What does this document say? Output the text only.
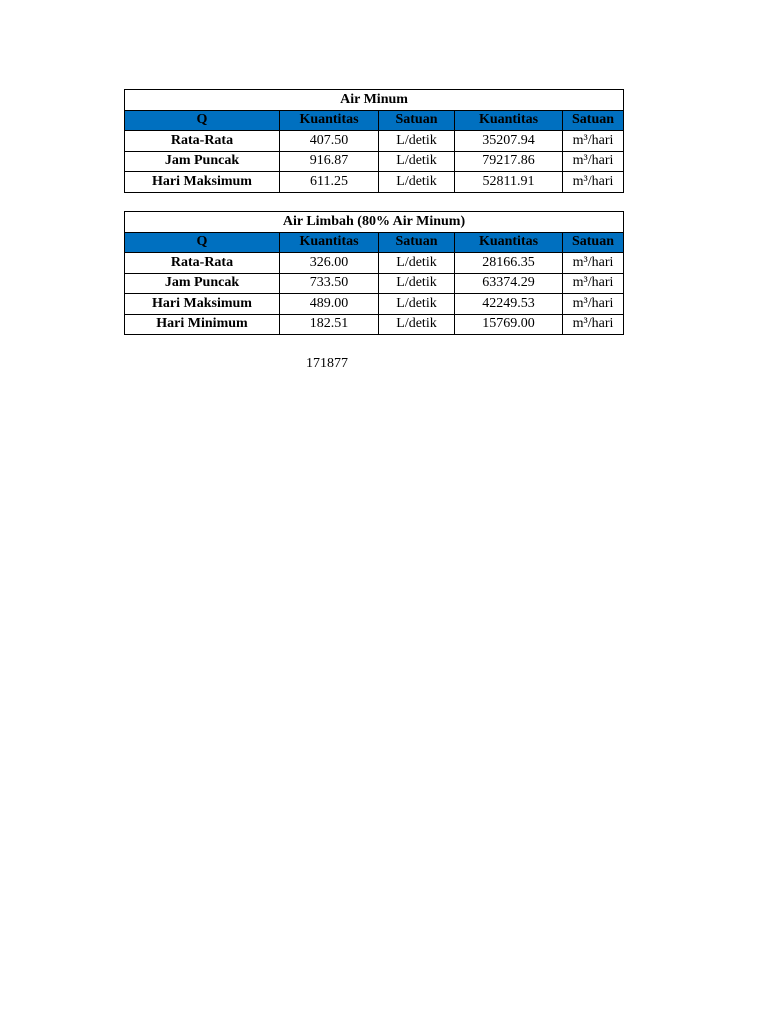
Air Minum				
Q	Kuantitas	Satuan	Kuantitas	Satuan
Rata-Rata	407.50	L/detik	35207.94	m³/hari
Jam Puncak	916.87	L/detik	79217.86	m³/hari
Hari Maksimum	611.25	L/detik	52811.91	m³/hari
Air Limbah (80% Air Minum)				
Q	Kuantitas	Satuan	Kuantitas	Satuan
Rata-Rata	326.00	L/detik	28166.35	m³/hari
Jam Puncak	733.50	L/detik	63374.29	m³/hari
Hari Maksimum	489.00	L/detik	42249.53	m³/hari
Hari Minimum	182.51	L/detik	15769.00	m³/hari
171877
